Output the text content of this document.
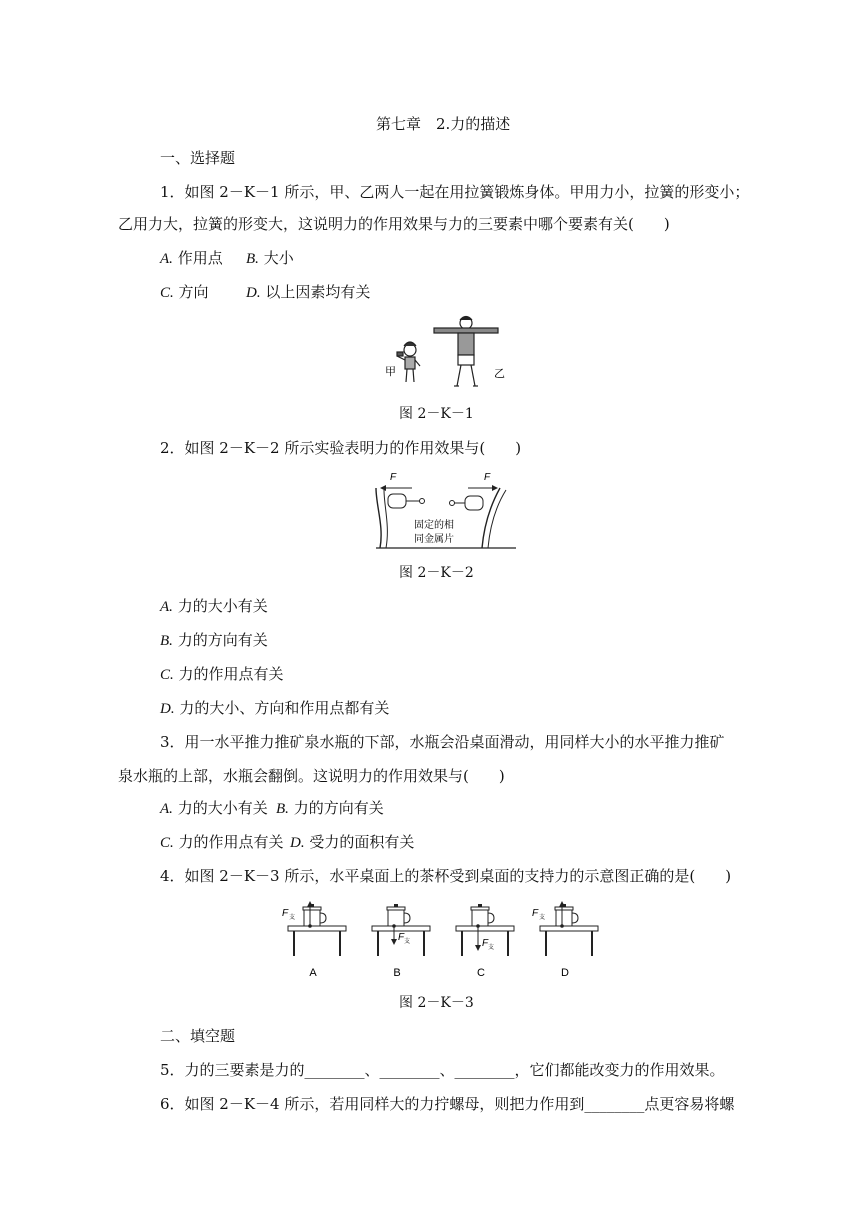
第七章　2.力的描述
一、选择题
1．如图 2－K－1 所示，甲、乙两人一起在用拉簧锻炼身体。甲用力小，拉簧的形变小；
乙用力大，拉簧的形变大，这说明力的作用效果与力的三要素中哪个要素有关(　　)
A. 作用点 B. 大小
C. 方向 D. 以上因素均有关
甲	乙
图 2－K－1
2．如图 2－K－2 所示实验表明力的作用效果与(　　)
F	F
固定的相
同金属片
图 2－K－2
A. 力的大小有关
B. 力的方向有关
C. 力的作用点有关
D. 力的大小、方向和作用点都有关
3．用一水平推力推矿泉水瓶的下部，水瓶会沿桌面滑动，用同样大小的水平推力推矿
泉水瓶的上部，水瓶会翻倒。这说明力的作用效果与(　　)
A. 力的大小有关 B. 力的方向有关
C. 力的作用点有关 D. 受力的面积有关
4．如图 2－K－3 所示，水平桌面上的茶杯受到桌面的支持力的示意图正确的是(　　)
F 支
A
F 支
B
F 支
C
F 支
D
图 2－K－3
二、填空题
5．力的三要素是力的________、________、________，它们都能改变力的作用效果。
6．如图 2－K－4 所示，若用同样大的力拧螺母，则把力作用到________点更容易将螺
